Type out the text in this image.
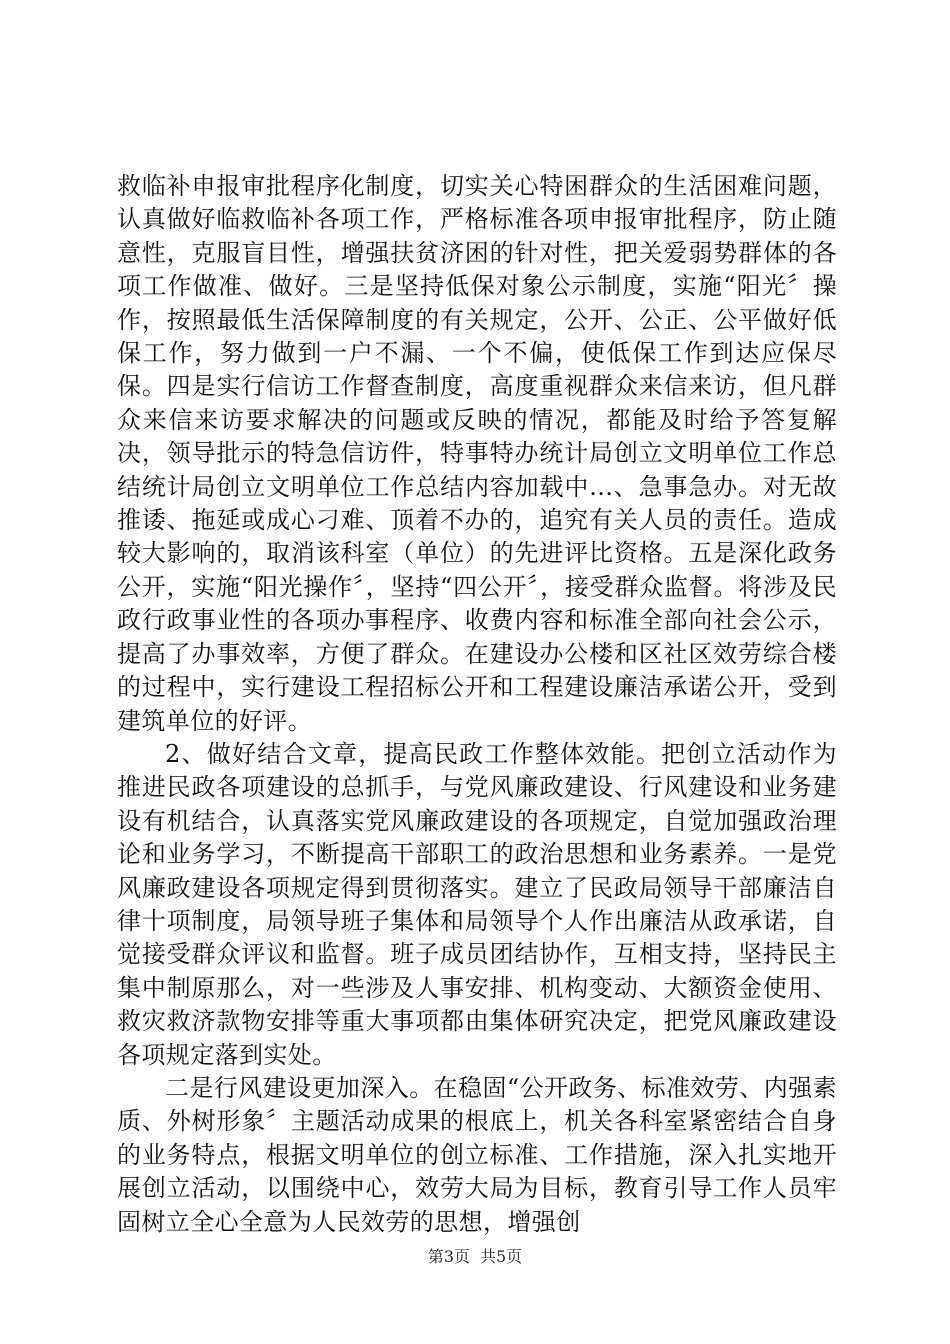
救临补申报审批程序化制度，切实关心特困群众的生活困难问题，认真做好临救临补各项工作，严格标准各项申报审批程序，防止随意性，克服盲目性，增强扶贫济困的针对性，把关爱弱势群体的各项工作做准、做好。三是坚持低保对象公示制度，实施“阳光〞操作，按照最低生活保障制度的有关规定，公开、公正、公平做好低保工作，努力做到一户不漏、一个不偏，使低保工作到达应保尽保。四是实行信访工作督查制度，高度重视群众来信来访，但凡群众来信来访要求解决的问题或反映的情况，都能及时给予答复解决，领导批示的特急信访件，特事特办统计局创立文明单位工作总结统计局创立文明单位工作总结内容加载中...、急事急办。对无故推诿、拖延或成心刁难、顶着不办的，追究有关人员的责任。造成较大影响的，取消该科室（单位）的先进评比资格。五是深化政务公开，实施“阳光操作〞，坚持“四公开〞，接受群众监督。将涉及民政行政事业性的各项办事程序、收费内容和标准全部向社会公示，提高了办事效率，方便了群众。在建设办公楼和区社区效劳综合楼的过程中，实行建设工程招标公开和工程建设廉洁承诺公开，受到建筑单位的好评。

2、做好结合文章，提高民政工作整体效能。把创立活动作为推进民政各项建设的总抓手，与党风廉政建设、行风建设和业务建设有机结合，认真落实党风廉政建设的各项规定，自觉加强政治理论和业务学习，不断提高干部职工的政治思想和业务素养。一是党风廉政建设各项规定得到贯彻落实。建立了民政局领导干部廉洁自律十项制度，局领导班子集体和局领导个人作出廉洁从政承诺，自觉接受群众评议和监督。班子成员团结协作，互相支持，坚持民主集中制原那么，对一些涉及人事安排、机构变动、大额资金使用、救灾救济款物安排等重大事项都由集体研究决定，把党风廉政建设各项规定落到实处。

二是行风建设更加深入。在稳固“公开政务、标准效劳、内强素质、外树形象〞主题活动成果的根底上，机关各科室紧密结合自身的业务特点，根据文明单位的创立标准、工作措施，深入扎实地开展创立活动，以围绕中心，效劳大局为目标，教育引导工作人员牢固树立全心全意为人民效劳的思想，增强创

第3页 共5页
